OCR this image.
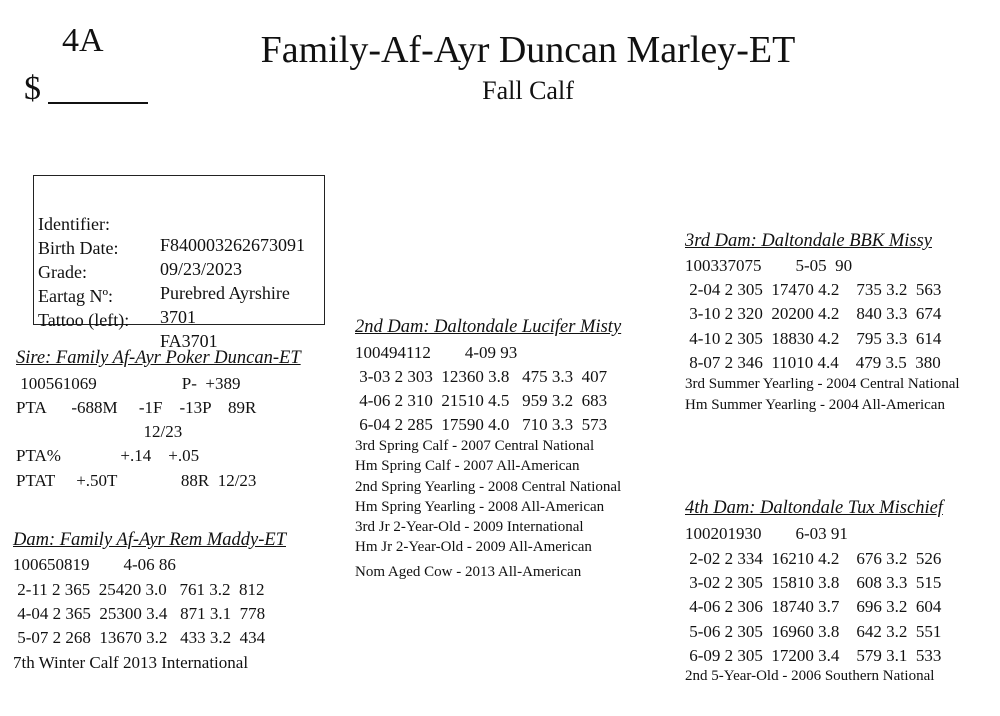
4A
$
Family-Af-Ayr Duncan Marley-ET
Fall Calf

Identifier:

F840003262673091

Birth Date:

09/23/2023

Grade:

Purebred Ayrshire

Eartag Nº:

3701

Tattoo (left):

FA3701

Sire: Family Af-Ayr Poker Duncan-ET
100561069                    P-  +389
PTA      -688M     -1F    -13P    89R
12/23
PTA%              +.14    +.05
PTAT     +.50T               88R  12/23
Dam: Family Af-Ayr Rem Maddy-ET
100650819        4-06 86
2-11 2 365  25420 3.0   761 3.2  812
4-04 2 365  25300 3.4   871 3.1  778
5-07 2 268  13670 3.2   433 3.2  434
7th Winter Calf 2013 International
2nd Dam: Daltondale Lucifer Misty
100494112        4-09 93
3-03 2 303  12360 3.8   475 3.3  407
4-06 2 310  21510 4.5   959 3.2  683
6-04 2 285  17590 4.0   710 3.3  573
3rd Spring Calf - 2007 Central National
Hm Spring Calf - 2007 All-American
2nd Spring Yearling - 2008 Central National
Hm Spring Yearling - 2008 All-American
3rd Jr 2-Year-Old - 2009 International
Hm Jr 2-Year-Old - 2009 All-American
Nom Aged Cow - 2013 All-American
3rd Dam: Daltondale BBK Missy
100337075        5-05  90
2-04 2 305  17470 4.2    735 3.2  563
3-10 2 320  20200 4.2    840 3.3  674
4-10 2 305  18830 4.2    795 3.3  614
8-07 2 346  11010 4.4    479 3.5  380
3rd Summer Yearling - 2004 Central National
Hm Summer Yearling - 2004 All-American
4th Dam: Daltondale Tux Mischief
100201930        6-03 91
2-02 2 334  16210 4.2    676 3.2  526
3-02 2 305  15810 3.8    608 3.3  515
4-06 2 306  18740 3.7    696 3.2  604
5-06 2 305  16960 3.8    642 3.2  551
6-09 2 305  17200 3.4    579 3.1  533
2nd 5-Year-Old - 2006 Southern National
